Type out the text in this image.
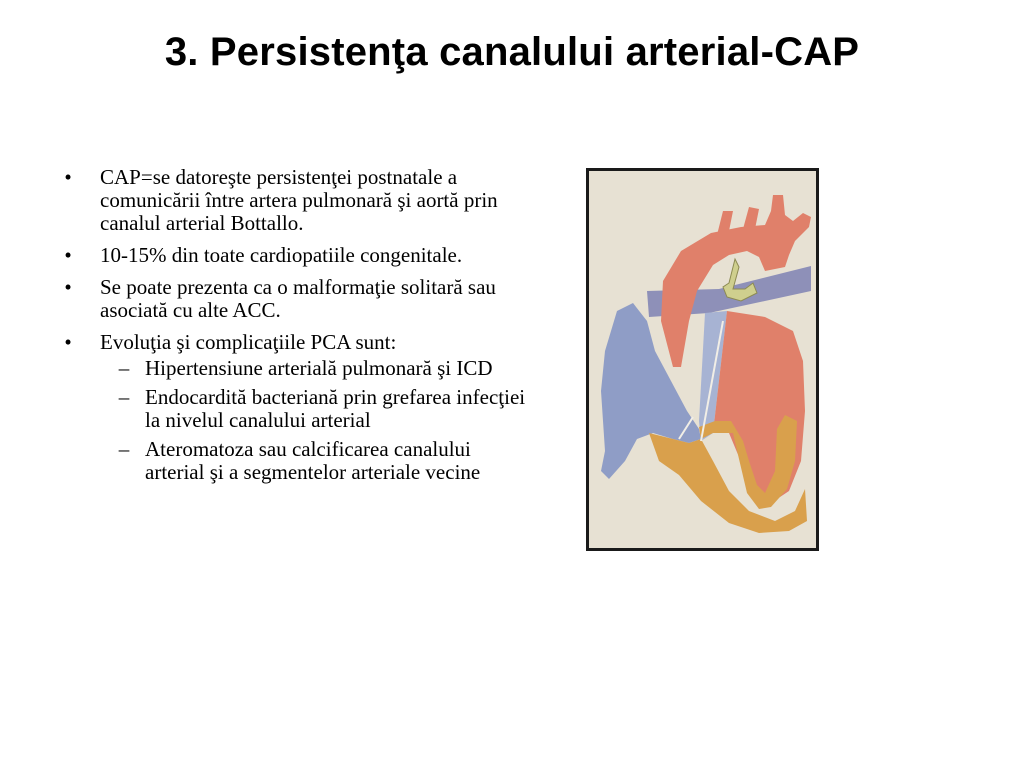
3. Persistenţa canalului arterial-CAP
•	CAP=se datoreşte persistenţei postnatale a comunicării între artera pulmonară şi aortă prin canalul arterial Bottallo.
•	10-15% din toate cardiopatiile congenitale.
•	Se poate prezenta ca o malformaţie solitară sau asociată cu alte ACC.
•	Evoluţia şi complicaţiile PCA sunt:
– Hipertensiune arterială pulmonară şi ICD
– Endocardită bacteriană prin grefarea infecţiei la nivelul canalului arterial
– Ateromatoza sau calcificarea canalului arterial şi a segmentelor arteriale vecine
